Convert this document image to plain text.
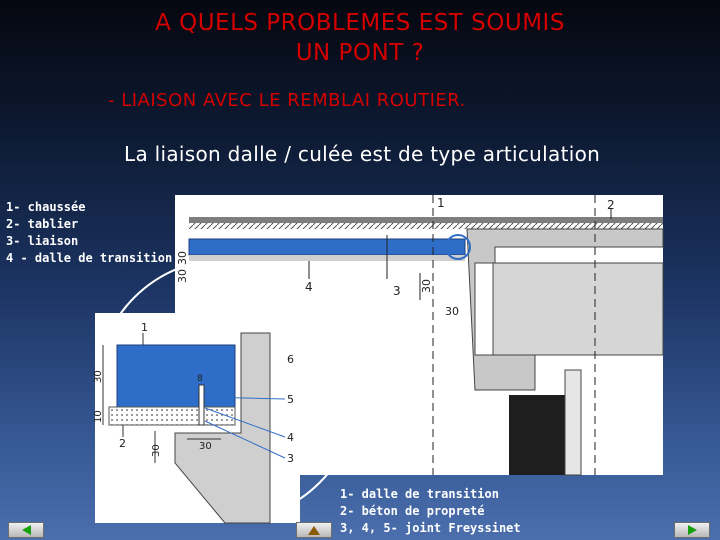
A QUELS PROBLEMES EST SOUMIS
UN PONT ?
- LIAISON AVEC LE REMBLAI ROUTIER.
La liaison dalle / culée est de type articulation
1- chaussée
2- tablier
3- liaison
4 - dalle de transition
4	3
2
1
30
30
30
30
1
2
3
4
5
6
30
10
30	30
8
1- dalle de transition
2- béton de propreté
3, 4, 5- joint Freyssinet
